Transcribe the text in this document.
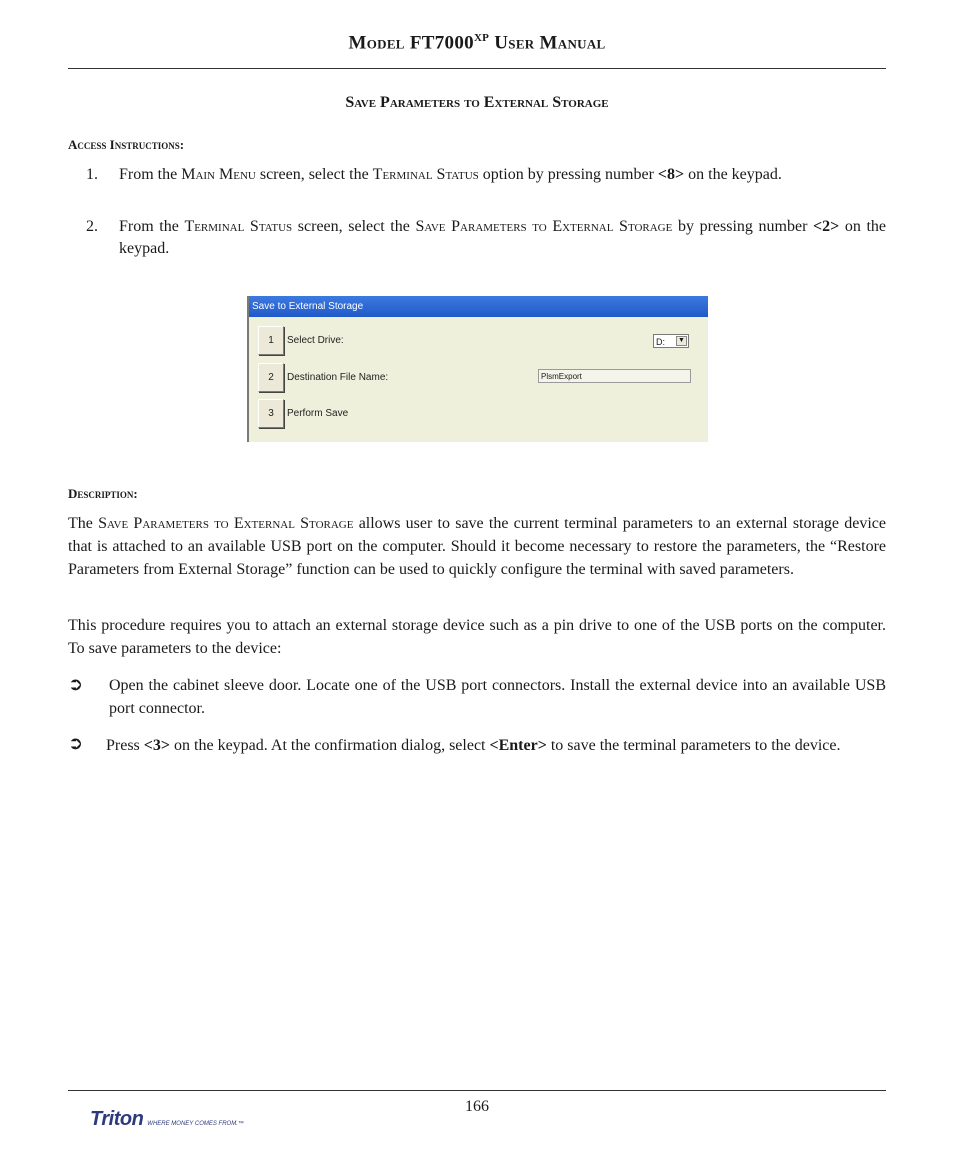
Model $FT7000^{XP}$ User Manual
Save Parameters to External Storage
Access Instructions:
1. From the Main Menu screen, select the Terminal Status option by pressing number <8> on the keypad.
2. From the Terminal Status screen, select the Save Parameters to External Storage by pressing number <2> on the keypad.
Save to External Storage
1	Select Drive:	D: ▼
2	Destination File Name:	PlsmExport
3	Perform Save
Description:
The Save Parameters to External Storage allows user to save the current terminal parameters to an external storage device that is attached to an available USB port on the computer. Should it become necessary to restore the parameters, the “Restore Parameters from External Storage” function can be used to quickly configure the terminal with saved parameters.
This procedure requires you to attach an external storage device such as a pin drive to one of the USB ports on the computer. To save parameters to the device:
➲ Open the cabinet sleeve door. Locate one of the USB port connectors. Install the external device into an available USB port connector.
➲ Press <3> on the keypad. At the confirmation dialog, select <Enter> to save the terminal parameters to the device.
166
Triton WHERE MONEY COMES FROM.™
